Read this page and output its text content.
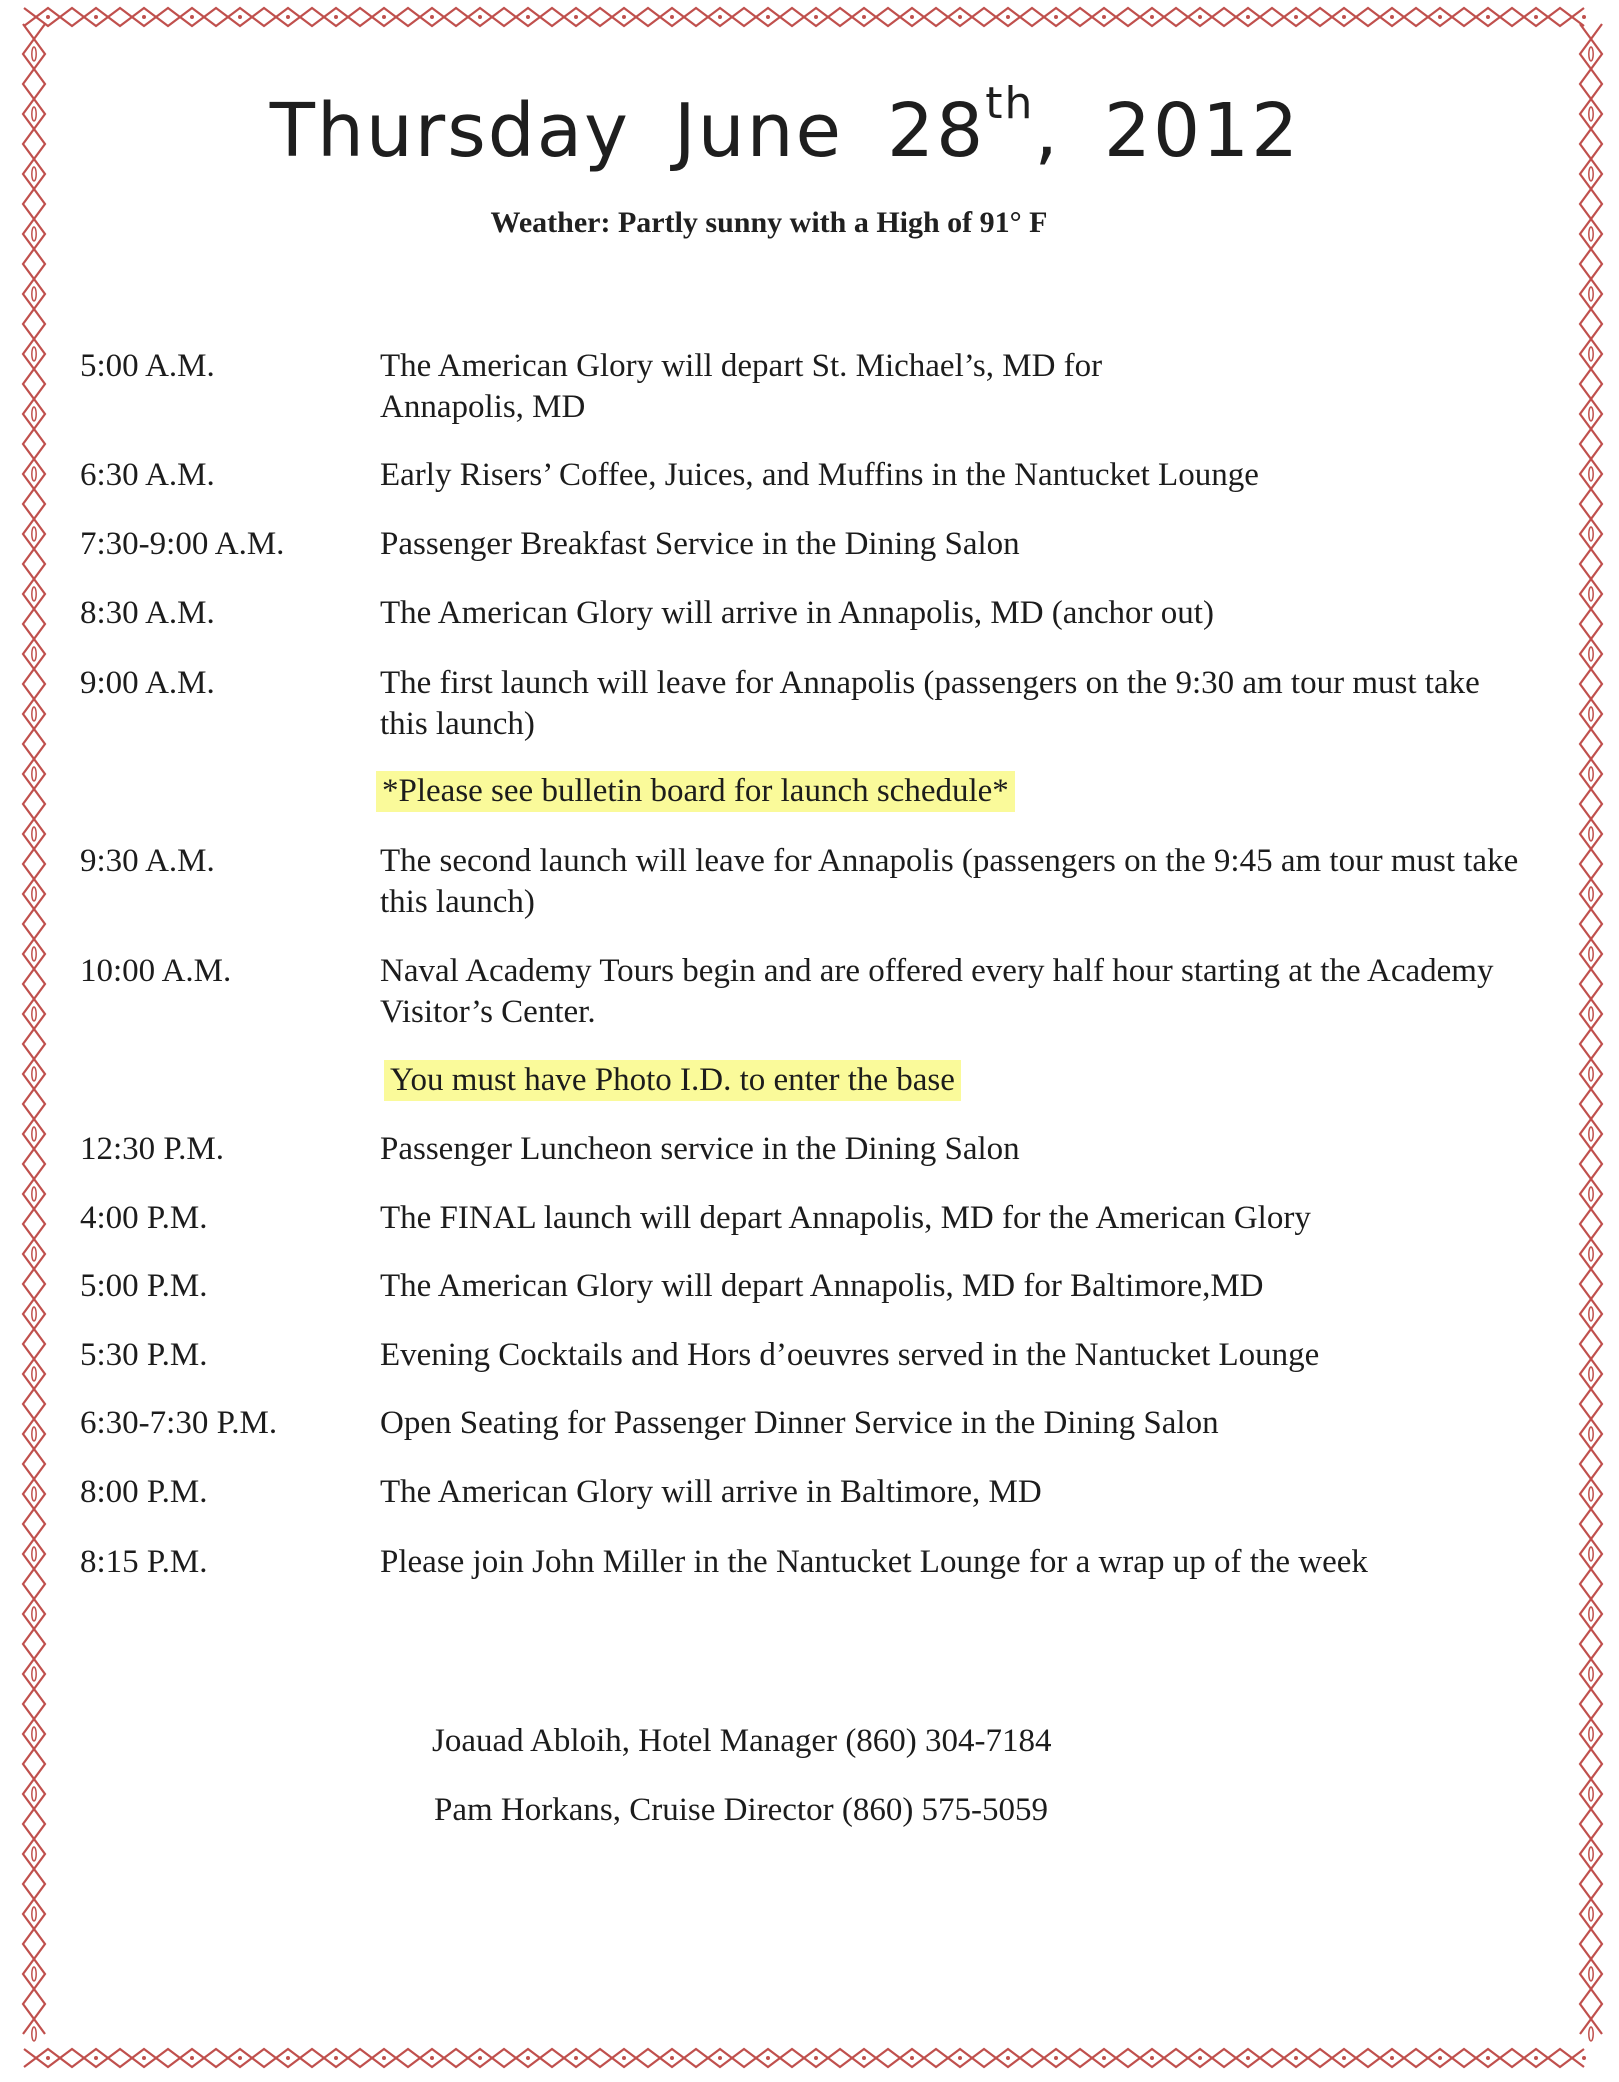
Thursday June 28th, 2012
Weather: Partly sunny with a High of 91° F
5:00 A.M.	The American Glory will depart St. Michael’s, MD for
Annapolis, MD
6:30 A.M.	Early Risers’ Coffee, Juices, and Muffins in the Nantucket Lounge
7:30-9:00 A.M.	Passenger Breakfast Service in the Dining Salon
8:30 A.M.	The American Glory will arrive in Annapolis, MD (anchor out)
9:00 A.M.	The first launch will leave for Annapolis (passengers on the 9:30 am tour must take this launch)
*Please see bulletin board for launch schedule*
9:30 A.M.	The second launch will leave for Annapolis (passengers on the 9:45 am tour must take this launch)
10:00 A.M.	Naval Academy Tours begin and are offered every half hour starting at the Academy Visitor’s Center.
You must have Photo I.D. to enter the base
12:30 P.M.	Passenger Luncheon service in the Dining Salon
4:00 P.M.	The FINAL launch will depart Annapolis, MD for the American Glory
5:00 P.M.	The American Glory will depart Annapolis, MD for Baltimore,MD
5:30 P.M.	Evening Cocktails and Hors d’oeuvres served in the Nantucket Lounge
6:30-7:30 P.M.	Open Seating for Passenger Dinner Service in the Dining Salon
8:00 P.M.	The American Glory will arrive in Baltimore, MD
8:15 P.M.	Please join John Miller in the Nantucket Lounge for a wrap up of the week
Joauad Abloih, Hotel Manager (860) 304-7184
Pam Horkans, Cruise Director (860) 575-5059
